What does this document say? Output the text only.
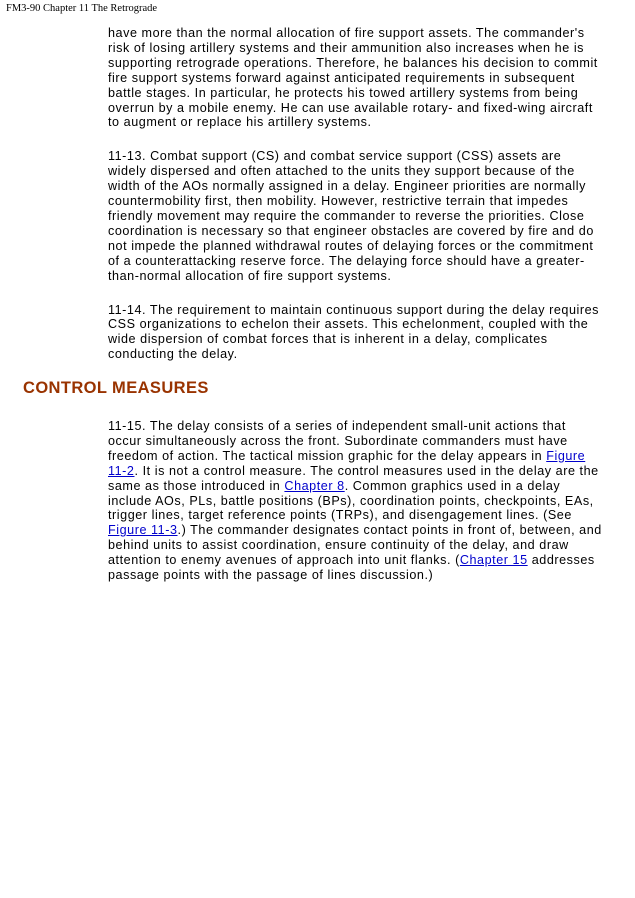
FM3-90 Chapter 11 The Retrograde

have more than the normal allocation of fire support assets. The commander's risk of losing artillery systems and their ammunition also increases when he is supporting retrograde operations. Therefore, he balances his decision to commit fire support systems forward against anticipated requirements in subsequent battle stages. In particular, he protects his towed artillery systems from being overrun by a mobile enemy. He can use available rotary- and fixed-wing aircraft to augment or replace his artillery systems.

11-13. Combat support (CS) and combat service support (CSS) assets are widely dispersed and often attached to the units they support because of the width of the AOs normally assigned in a delay. Engineer priorities are normally countermobility first, then mobility. However, restrictive terrain that impedes friendly movement may require the commander to reverse the priorities. Close coordination is necessary so that engineer obstacles are covered by fire and do not impede the planned withdrawal routes of delaying forces or the commitment of a counterattacking reserve force. The delaying force should have a greater-than-normal allocation of fire support systems.

11-14. The requirement to maintain continuous support during the delay requires CSS organizations to echelon their assets. This echelonment, coupled with the wide dispersion of combat forces that is inherent in a delay, complicates conducting the delay.

CONTROL MEASURES

11-15. The delay consists of a series of independent small-unit actions that occur simultaneously across the front. Subordinate commanders must have freedom of action. The tactical mission graphic for the delay appears in Figure 11-2. It is not a control measure. The control measures used in the delay are the same as those introduced in Chapter 8. Common graphics used in a delay include AOs, PLs, battle positions (BPs), coordination points, checkpoints, EAs, trigger lines, target reference points (TRPs), and disengagement lines. (See Figure 11-3.) The commander designates contact points in front of, between, and behind units to assist coordination, ensure continuity of the delay, and draw attention to enemy avenues of approach into unit flanks. (Chapter 15 addresses passage points with the passage of lines discussion.)
